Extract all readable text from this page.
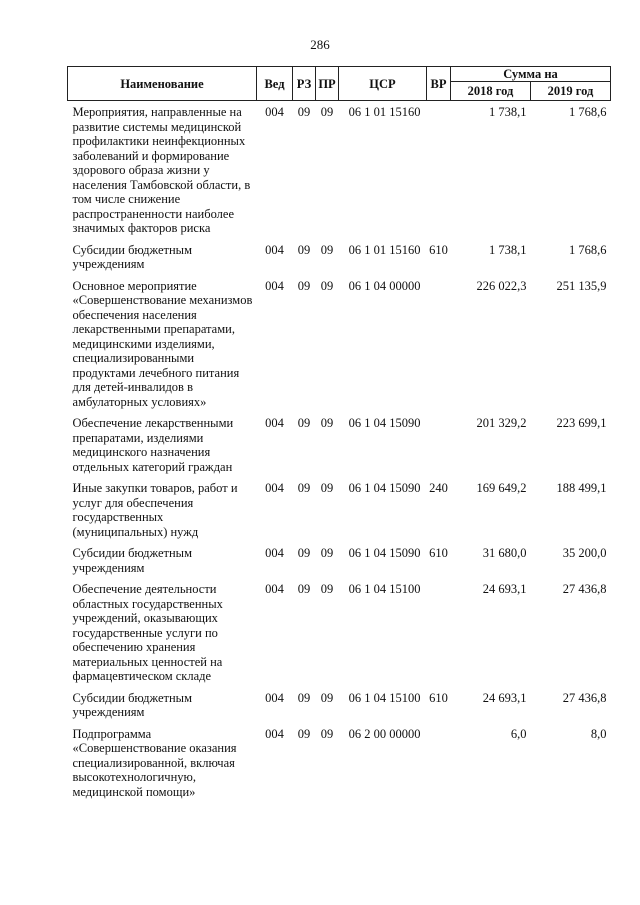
286
Наименование	Вед	РЗ	ПР	ЦСР	ВР	Сумма на	
						2018 год	2019 год
Мероприятия, направленные на развитие системы медицинской профилактики неинфекционных заболеваний и формирование здорового образа жизни у населения Тамбовской области, в том числе снижение распространенности наиболее значимых факторов риска	004	09	09	06 1 01 15160		1 738,1	1 768,6
Субсидии бюджетным учреждениям	004	09	09	06 1 01 15160	610	1 738,1	1 768,6
Основное мероприятие «Совершенствование механизмов обеспечения населения лекарственными препаратами, медицинскими изделиями, специализированными продуктами лечебного питания для детей-инвалидов в амбулаторных условиях»	004	09	09	06 1 04 00000		226 022,3	251 135,9
Обеспечение лекарственными препаратами, изделиями медицинского назначения отдельных категорий граждан	004	09	09	06 1 04 15090		201 329,2	223 699,1
Иные закупки товаров, работ и услуг для обеспечения государственных (муниципальных) нужд	004	09	09	06 1 04 15090	240	169 649,2	188 499,1
Субсидии бюджетным учреждениям	004	09	09	06 1 04 15090	610	31 680,0	35 200,0
Обеспечение деятельности областных государственных учреждений, оказывающих государственные услуги по обеспечению хранения материальных ценностей на фармацевтическом складе	004	09	09	06 1 04 15100		24 693,1	27 436,8
Субсидии бюджетным учреждениям	004	09	09	06 1 04 15100	610	24 693,1	27 436,8
Подпрограмма «Совершенствование оказания специализированной, включая высокотехнологичную, медицинской помощи»	004	09	09	06 2 00 00000		6,0	8,0
